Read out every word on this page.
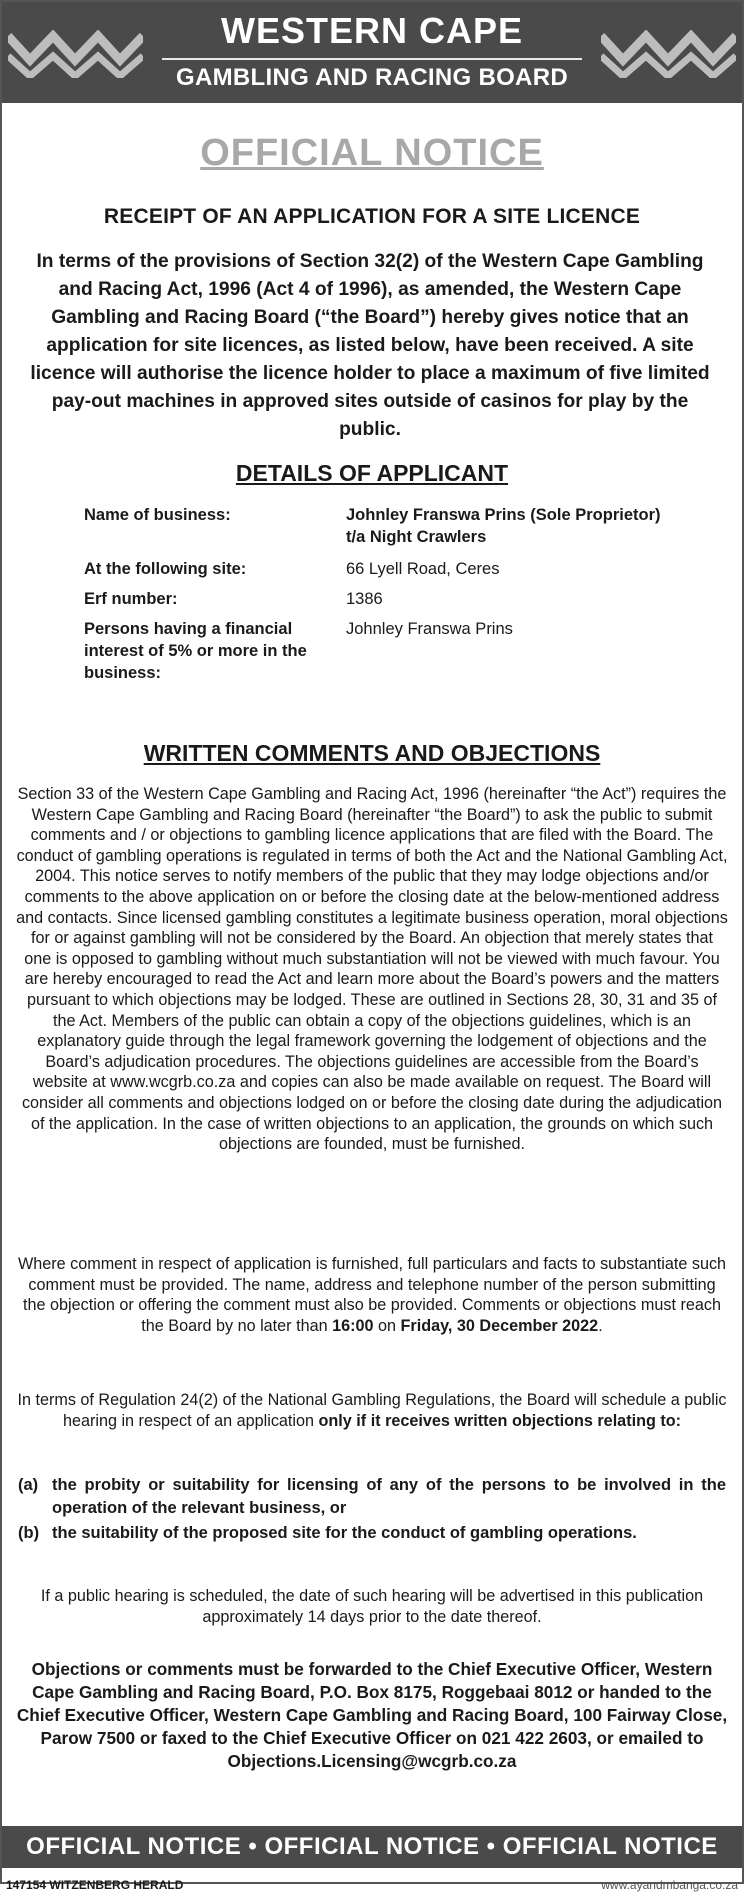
WESTERN CAPE
GAMBLING AND RACING BOARD
OFFICIAL NOTICE
RECEIPT OF AN APPLICATION FOR A SITE LICENCE
In terms of the provisions of Section 32(2) of the Western Cape Gambling and Racing Act, 1996 (Act 4 of 1996), as amended, the Western Cape Gambling and Racing Board (“the Board”) hereby gives notice that an application for site licences, as listed below, have been received. A site licence will authorise the licence holder to place a maximum of five limited pay-out machines in approved sites outside of casinos for play by the public.
DETAILS OF APPLICANT
Name of business:	Johnley Franswa Prins (Sole Proprietor)
t/a Night Crawlers
At the following site:	66 Lyell Road, Ceres
Erf number:	1386
Persons having a financial interest of 5% or more in the business:
Johnley Franswa Prins
WRITTEN COMMENTS AND OBJECTIONS
Section 33 of the Western Cape Gambling and Racing Act, 1996 (hereinafter “the Act”) requires the Western Cape Gambling and Racing Board (hereinafter “the Board”) to ask the public to submit comments and / or objections to gambling licence applications that are filed with the Board. The conduct of gambling operations is regulated in terms of both the Act and the National Gambling Act, 2004. This notice serves to notify members of the public that they may lodge objections and/or comments to the above application on or before the closing date at the below-mentioned address and contacts. Since licensed gambling constitutes a legitimate business operation, moral objections for or against gambling will not be considered by the Board. An objection that merely states that one is opposed to gambling without much substantiation will not be viewed with much favour. You are hereby encouraged to read the Act and learn more about the Board’s powers and the matters pursuant to which objections may be lodged. These are outlined in Sections 28, 30, 31 and 35 of the Act. Members of the public can obtain a copy of the objections guidelines, which is an explanatory guide through the legal framework governing the lodgement of objections and the Board’s adjudication procedures. The objections guidelines are accessible from the Board’s website at www.wcgrb.co.za and copies can also be made available on request. The Board will consider all comments and objections lodged on or before the closing date during the adjudication of the application. In the case of written objections to an application, the grounds on which such objections are founded, must be furnished.
Where comment in respect of application is furnished, full particulars and facts to substantiate such comment must be provided. The name, address and telephone number of the person submitting the objection or offering the comment must also be provided. Comments or objections must reach the Board by no later than 16:00 on Friday, 30 December 2022.
In terms of Regulation 24(2) of the National Gambling Regulations, the Board will schedule a public hearing in respect of an application only if it receives written objections relating to:
(a) the probity or suitability for licensing of any of the persons to be involved in the operation of the relevant business, or
(b) the suitability of the proposed site for the conduct of gambling operations.
If a public hearing is scheduled, the date of such hearing will be advertised in this publication approximately 14 days prior to the date thereof.
Objections or comments must be forwarded to the Chief Executive Officer, Western Cape Gambling and Racing Board, P.O. Box 8175, Roggebaai 8012 or handed to the Chief Executive Officer, Western Cape Gambling and Racing Board, 100 Fairway Close, Parow 7500 or faxed to the Chief Executive Officer on 021 422 2603, or emailed to Objections.Licensing@wcgrb.co.za
OFFICIAL NOTICE • OFFICIAL NOTICE • OFFICIAL NOTICE
147154 WITZENBERG HERALD	www.ayandmbanga.co.za
